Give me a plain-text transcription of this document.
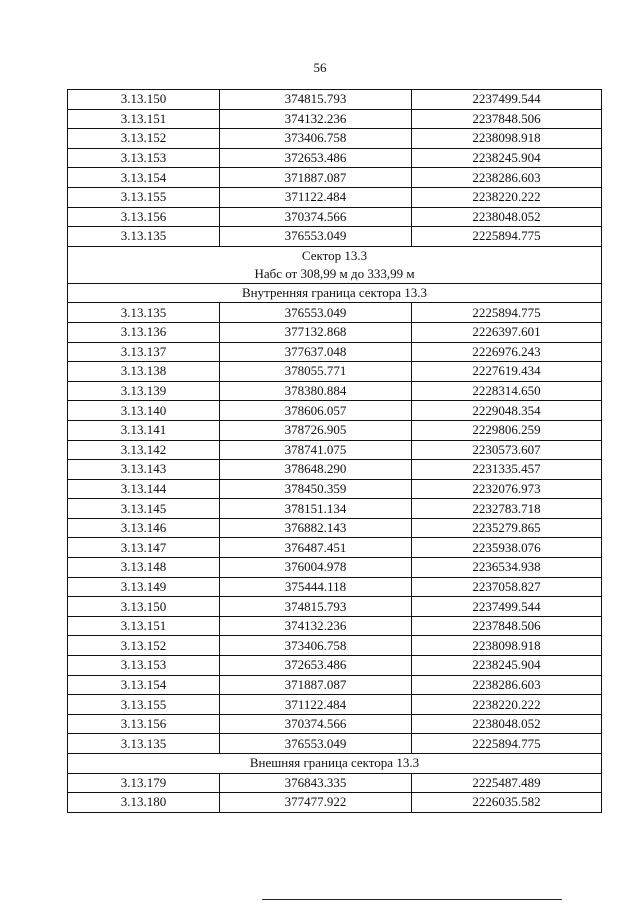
56
3.13.150	374815.793	2237499.544
3.13.151	374132.236	2237848.506
3.13.152	373406.758	2238098.918
3.13.153	372653.486	2238245.904
3.13.154	371887.087	2238286.603
3.13.155	371122.484	2238220.222
3.13.156	370374.566	2238048.052
3.13.135	376553.049	2225894.775

Сектор 13.3
Набс от 308,99 м до 333,99 м		

Внутренняя граница сектора 13.3		
3.13.135	376553.049	2225894.775
3.13.136	377132.868	2226397.601
3.13.137	377637.048	2226976.243
3.13.138	378055.771	2227619.434
3.13.139	378380.884	2228314.650
3.13.140	378606.057	2229048.354
3.13.141	378726.905	2229806.259
3.13.142	378741.075	2230573.607
3.13.143	378648.290	2231335.457
3.13.144	378450.359	2232076.973
3.13.145	378151.134	2232783.718
3.13.146	376882.143	2235279.865
3.13.147	376487.451	2235938.076
3.13.148	376004.978	2236534.938
3.13.149	375444.118	2237058.827
3.13.150	374815.793	2237499.544
3.13.151	374132.236	2237848.506
3.13.152	373406.758	2238098.918
3.13.153	372653.486	2238245.904
3.13.154	371887.087	2238286.603
3.13.155	371122.484	2238220.222
3.13.156	370374.566	2238048.052
3.13.135	376553.049	2225894.775
Внешняя граница сектора 13.3		
3.13.179	376843.335	2225487.489
3.13.180	377477.922	2226035.582
